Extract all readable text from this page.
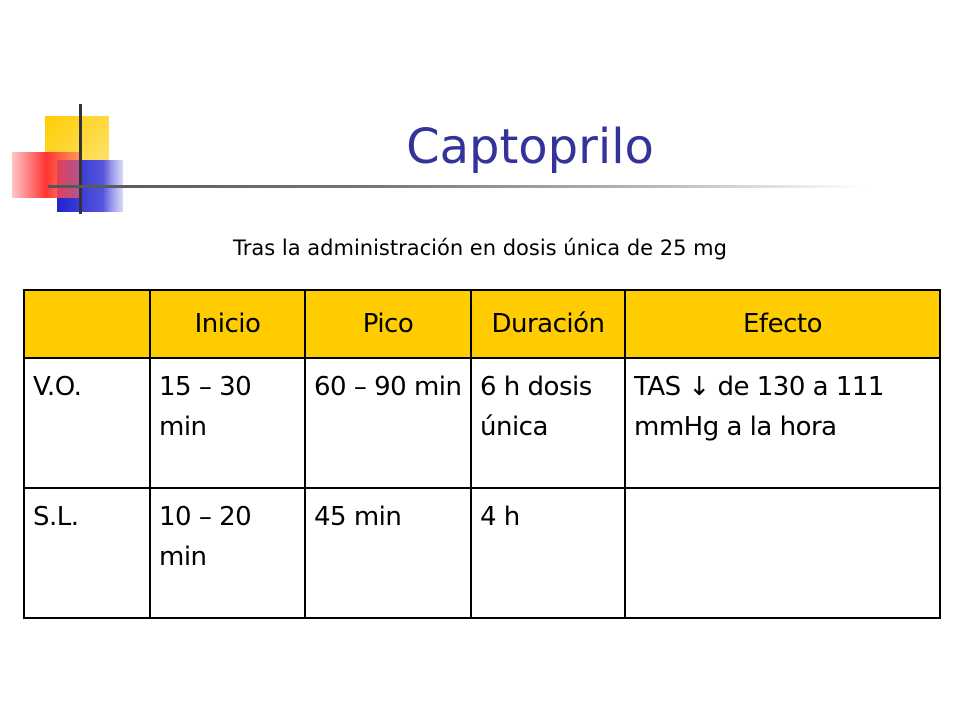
Captoprilo
Tras la administración en dosis única de 25 mg
	Inicio	Pico	Duración	Efecto
V.O.	15 – 30 min	60 – 90 min	6 h dosis única	TAS ↓ de 130 a 111 mmHg a la hora
S.L.	10 – 20 min	45 min	4 h	
